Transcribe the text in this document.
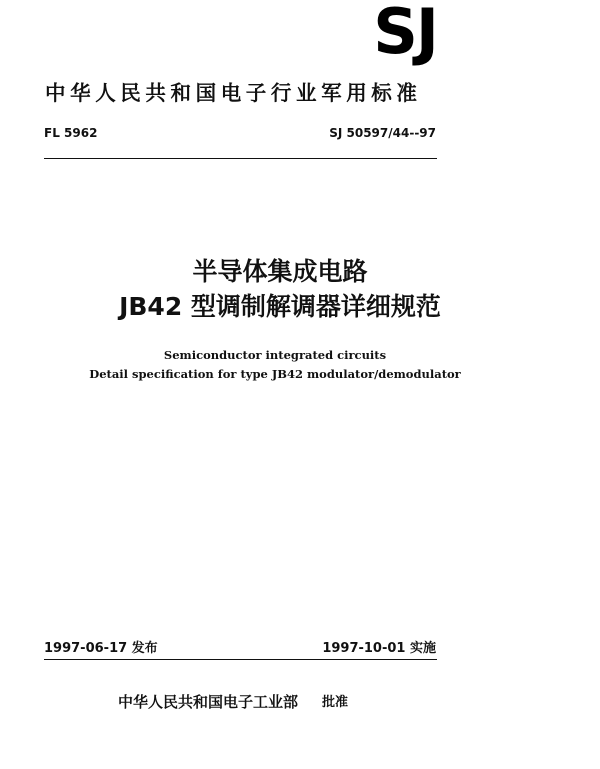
SJ
中华人民共和国电子行业军用标准
FL 5962	SJ 50597/44--97
半导体集成电路
JB42 型调制解调器详细规范
Semiconductor integrated circuits
Detail specification for type JB42 modulator/demodulator
1997-06-17 发布	1997-10-01 实施
中华人民共和国电子工业部 批准
